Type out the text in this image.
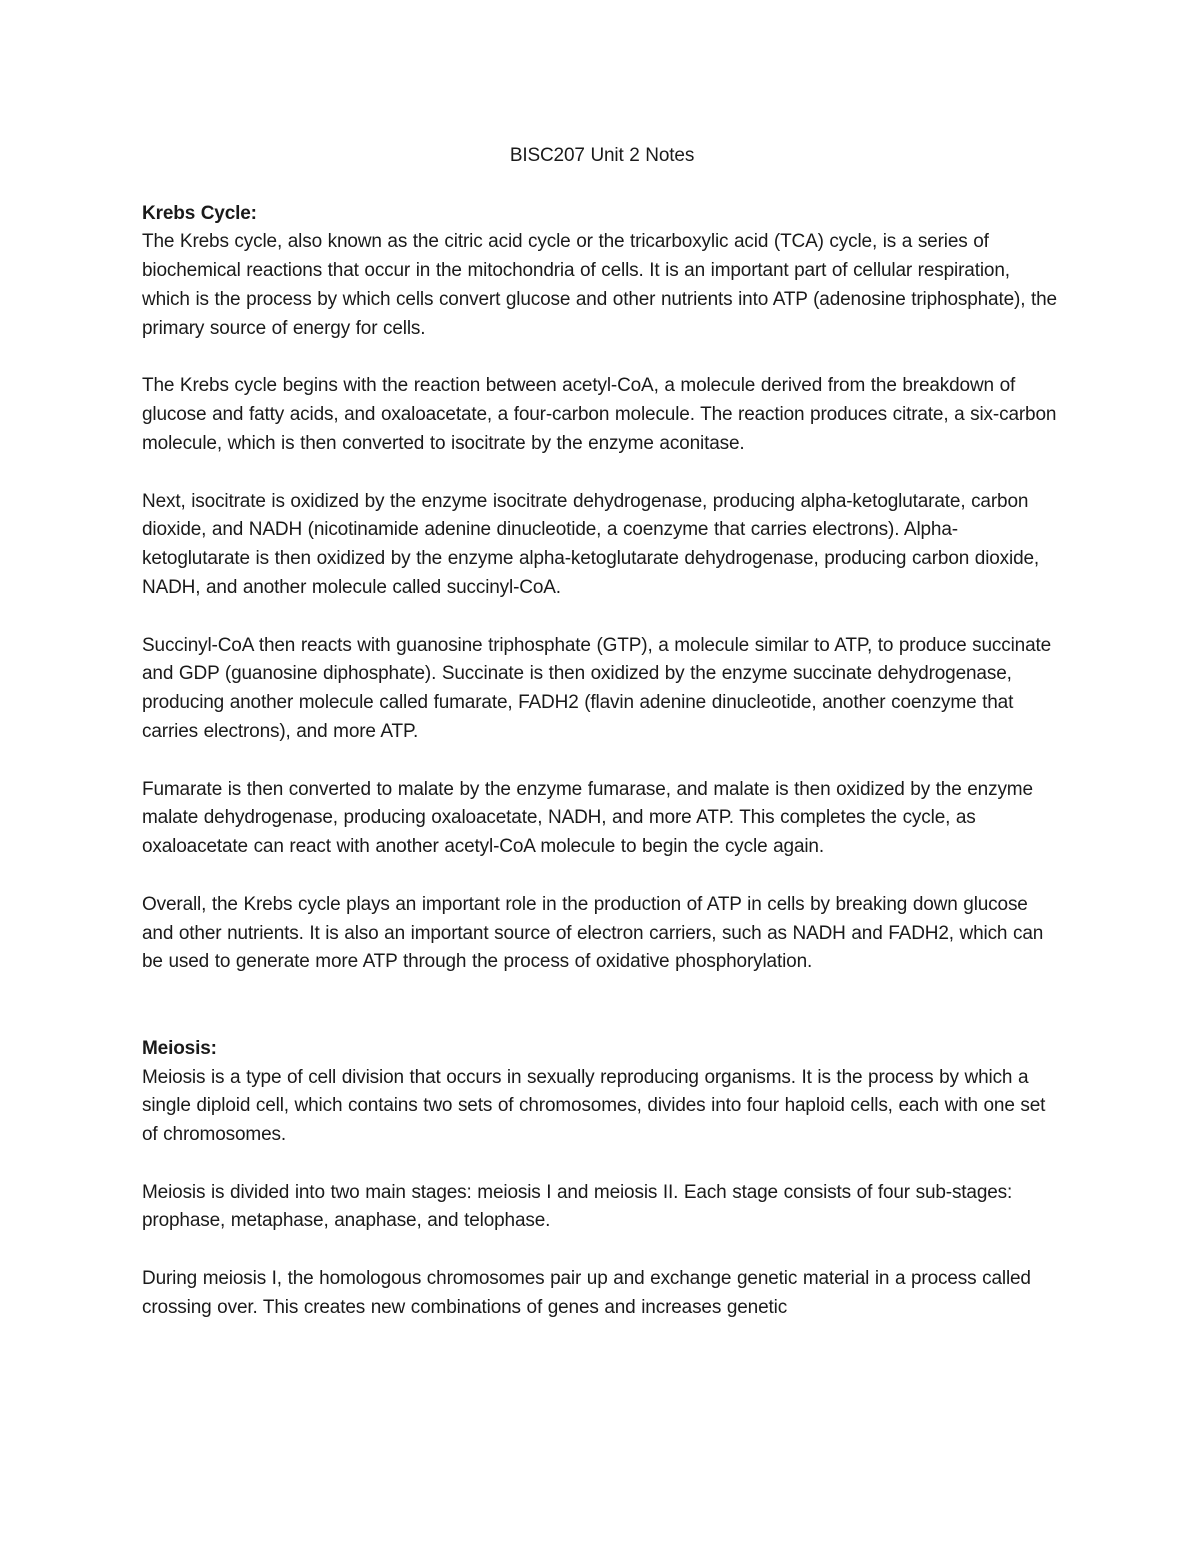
BISC207 Unit 2 Notes
Krebs Cycle:

The Krebs cycle, also known as the citric acid cycle or the tricarboxylic acid (TCA) cycle, is a series of biochemical reactions that occur in the mitochondria of cells. It is an important part of cellular respiration, which is the process by which cells convert glucose and other nutrients into ATP (adenosine triphosphate), the primary source of energy for cells.

The Krebs cycle begins with the reaction between acetyl-CoA, a molecule derived from the breakdown of glucose and fatty acids, and oxaloacetate, a four-carbon molecule. The reaction produces citrate, a six-carbon molecule, which is then converted to isocitrate by the enzyme aconitase.

Next, isocitrate is oxidized by the enzyme isocitrate dehydrogenase, producing alpha-ketoglutarate, carbon dioxide, and NADH (nicotinamide adenine dinucleotide, a coenzyme that carries electrons). Alpha-ketoglutarate is then oxidized by the enzyme alpha-ketoglutarate dehydrogenase, producing carbon dioxide, NADH, and another molecule called succinyl-CoA.

Succinyl-CoA then reacts with guanosine triphosphate (GTP), a molecule similar to ATP, to produce succinate and GDP (guanosine diphosphate). Succinate is then oxidized by the enzyme succinate dehydrogenase, producing another molecule called fumarate, FADH2 (flavin adenine dinucleotide, another coenzyme that carries electrons), and more ATP.

Fumarate is then converted to malate by the enzyme fumarase, and malate is then oxidized by the enzyme malate dehydrogenase, producing oxaloacetate, NADH, and more ATP. This completes the cycle, as oxaloacetate can react with another acetyl-CoA molecule to begin the cycle again.

Overall, the Krebs cycle plays an important role in the production of ATP in cells by breaking down glucose and other nutrients. It is also an important source of electron carriers, such as NADH and FADH2, which can be used to generate more ATP through the process of oxidative phosphorylation.

Meiosis:

Meiosis is a type of cell division that occurs in sexually reproducing organisms. It is the process by which a single diploid cell, which contains two sets of chromosomes, divides into four haploid cells, each with one set of chromosomes.

Meiosis is divided into two main stages: meiosis I and meiosis II. Each stage consists of four sub-stages: prophase, metaphase, anaphase, and telophase.

During meiosis I, the homologous chromosomes pair up and exchange genetic material in a process called crossing over. This creates new combinations of genes and increases genetic
